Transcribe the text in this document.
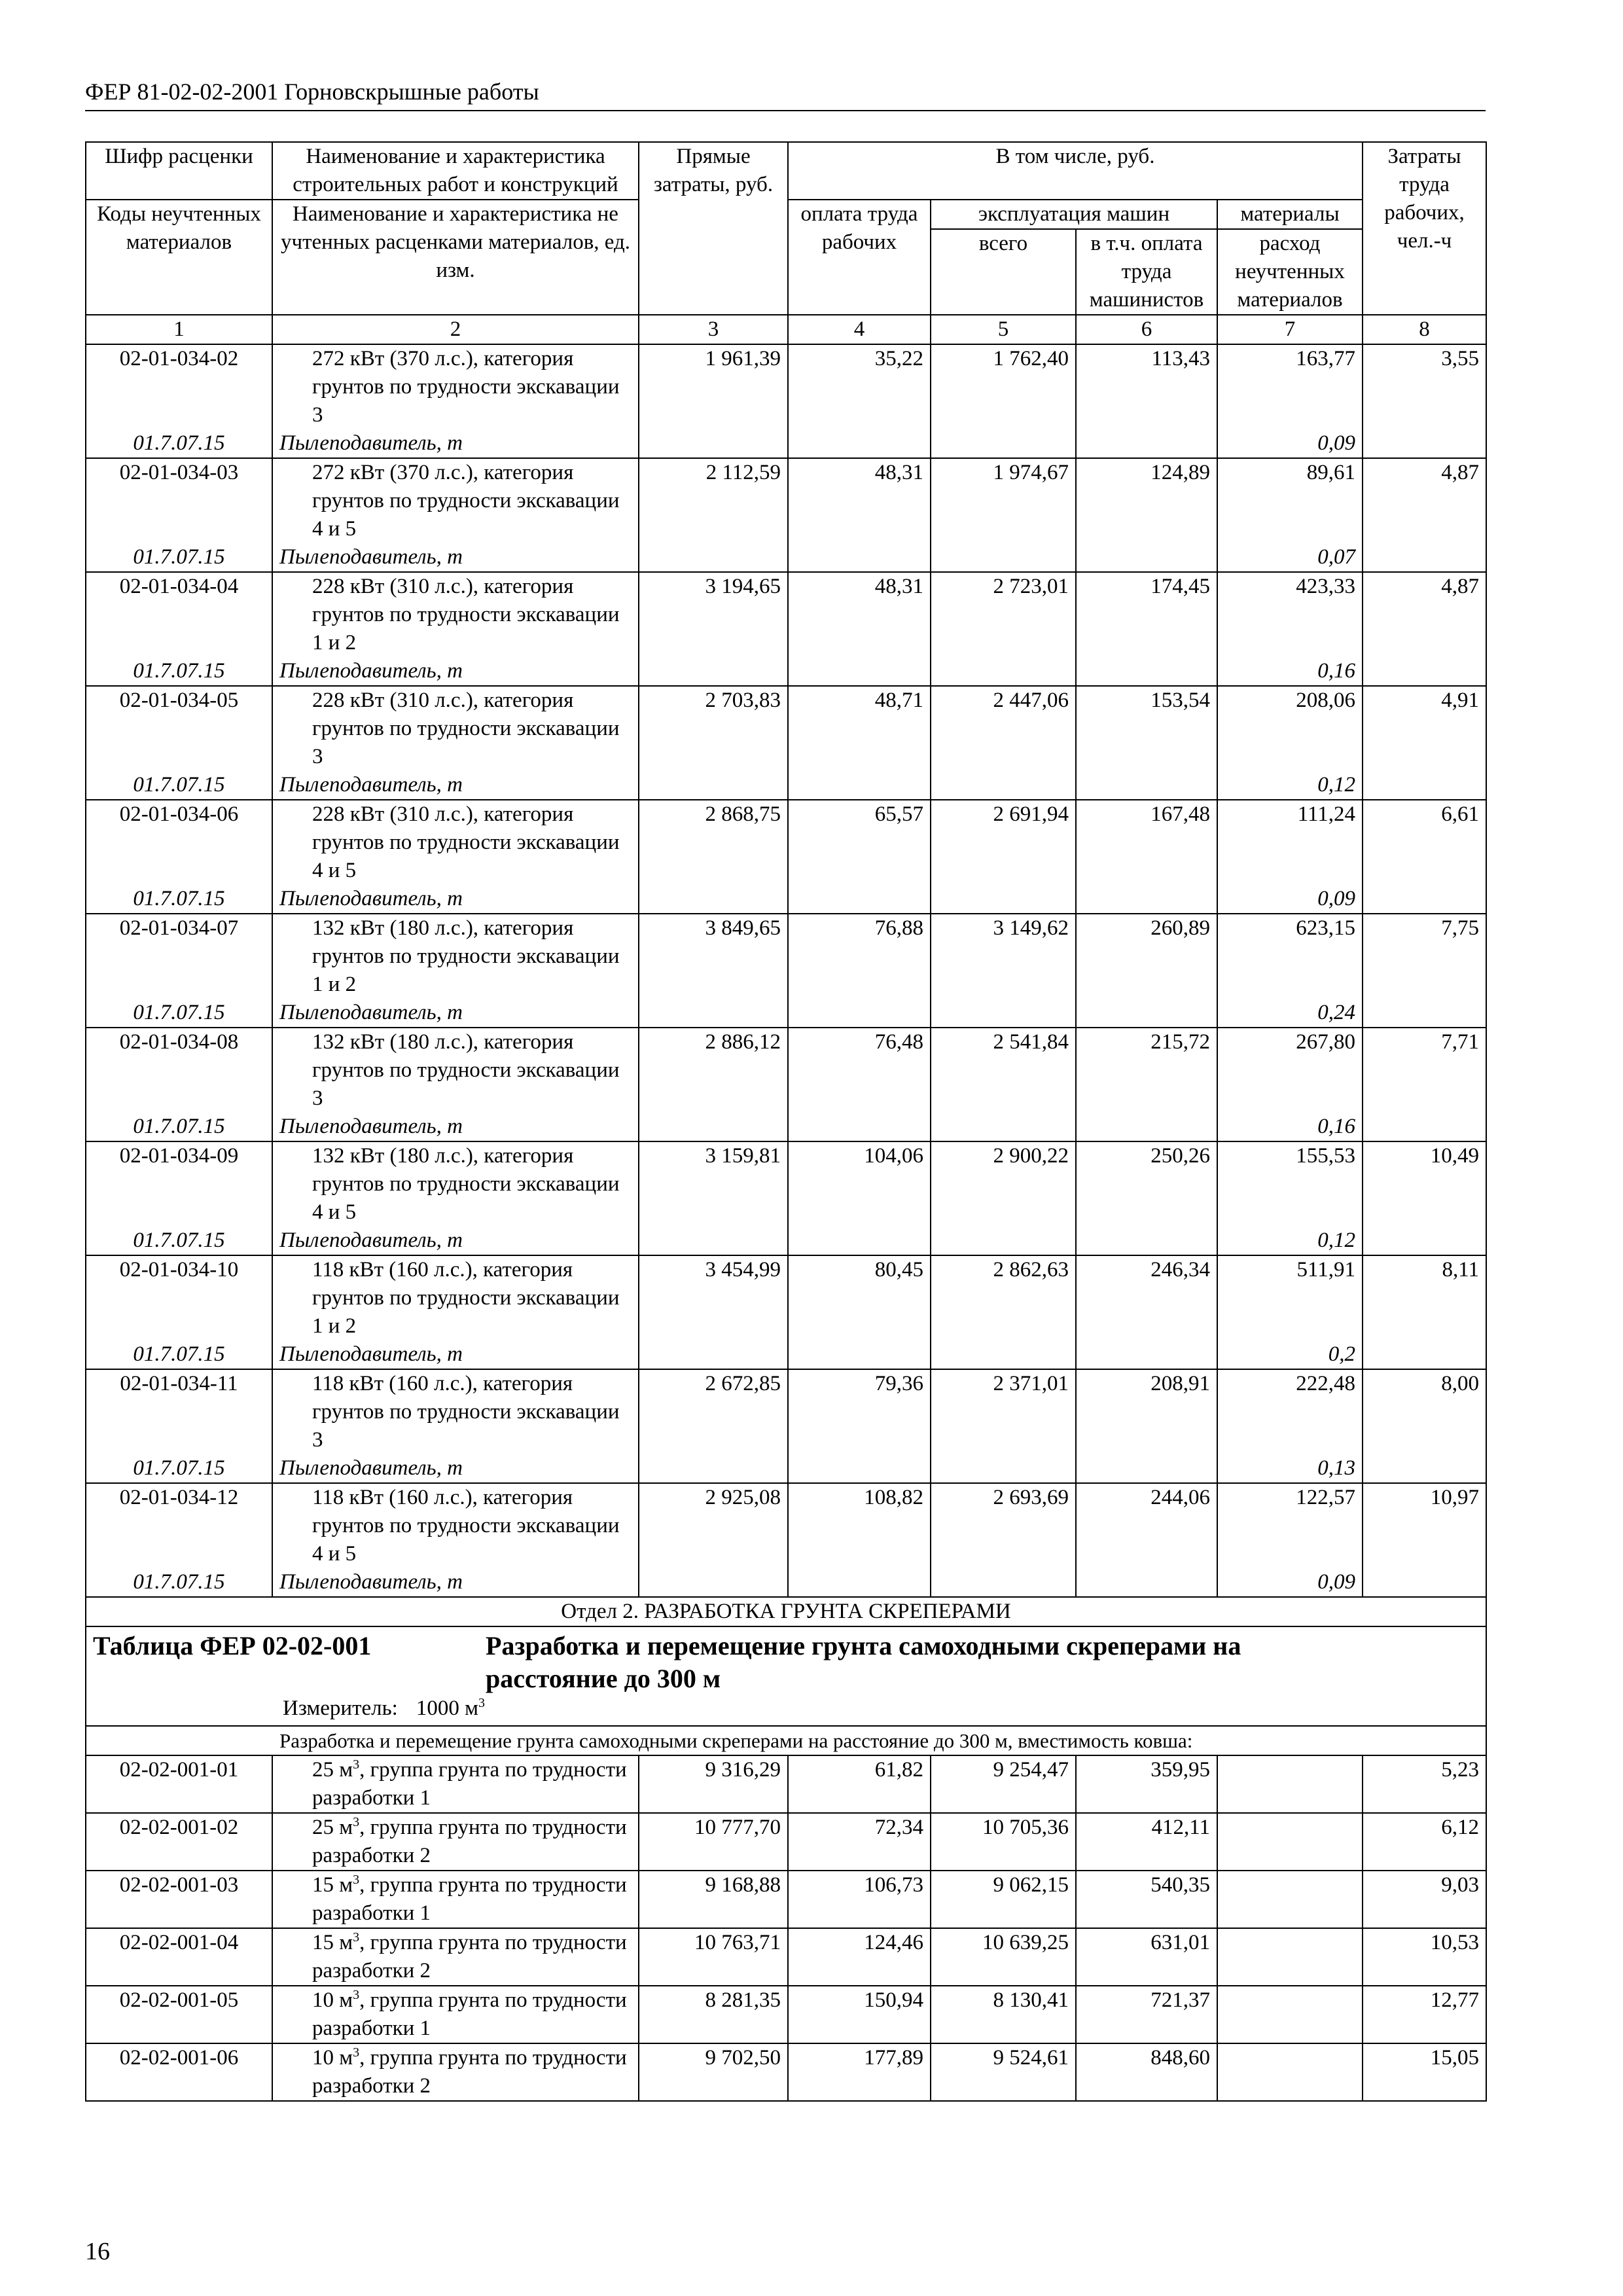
ФЕР 81-02-02-2001 Горновскрышные работы
Шифр расценки	Наименование и характеристика строительных работ и конструкций	Прямые затраты, руб.	В том числе, руб.				Затраты труда рабочих, чел.-ч
Коды неучтенных материалов	Наименование и характеристика не учтенных расценками материалов, ед. изм.		оплата труда рабочих	эксплуатация машин		материалы	
				всего	в т.ч. оплата труда машинистов	расход неучтенных материалов	
1	2	3	4	5	6	7	8
02-01-034-02	272 кВт (370 л.с.), категория грунтов по трудности экскавации 3	1 961,39	35,22	1 762,40	113,43	163,77	3,55
01.7.07.15	Пылеподавитель, т					0,09	
02-01-034-03	272 кВт (370 л.с.), категория грунтов по трудности экскавации 4 и 5	2 112,59	48,31	1 974,67	124,89	89,61	4,87
01.7.07.15	Пылеподавитель, т					0,07	
02-01-034-04	228 кВт (310 л.с.), категория грунтов по трудности экскавации 1 и 2	3 194,65	48,31	2 723,01	174,45	423,33	4,87
01.7.07.15	Пылеподавитель, т					0,16	
02-01-034-05	228 кВт (310 л.с.), категория грунтов по трудности экскавации 3	2 703,83	48,71	2 447,06	153,54	208,06	4,91
01.7.07.15	Пылеподавитель, т					0,12	
02-01-034-06	228 кВт (310 л.с.), категория грунтов по трудности экскавации 4 и 5	2 868,75	65,57	2 691,94	167,48	111,24	6,61
01.7.07.15	Пылеподавитель, т					0,09	
02-01-034-07	132 кВт (180 л.с.), категория грунтов по трудности экскавации 1 и 2	3 849,65	76,88	3 149,62	260,89	623,15	7,75
01.7.07.15	Пылеподавитель, т					0,24	
02-01-034-08	132 кВт (180 л.с.), категория грунтов по трудности экскавации 3	2 886,12	76,48	2 541,84	215,72	267,80	7,71
01.7.07.15	Пылеподавитель, т					0,16	
02-01-034-09	132 кВт (180 л.с.), категория грунтов по трудности экскавации 4 и 5	3 159,81	104,06	2 900,22	250,26	155,53	10,49
01.7.07.15	Пылеподавитель, т					0,12	
02-01-034-10	118 кВт (160 л.с.), категория грунтов по трудности экскавации 1 и 2	3 454,99	80,45	2 862,63	246,34	511,91	8,11
01.7.07.15	Пылеподавитель, т					0,2	
02-01-034-11	118 кВт (160 л.с.), категория грунтов по трудности экскавации 3	2 672,85	79,36	2 371,01	208,91	222,48	8,00
01.7.07.15	Пылеподавитель, т					0,13	
02-01-034-12	118 кВт (160 л.с.), категория грунтов по трудности экскавации 4 и 5	2 925,08	108,82	2 693,69	244,06	122,57	10,97
01.7.07.15	Пылеподавитель, т					0,09	
Отдел 2. РАЗРАБОТКА ГРУНТА СКРЕПЕРАМИ							

Таблица ФЕР 02-02-001 Разработка и перемещение грунта самоходными скреперами на расстояние до 300 м
Измеритель: 1000 $м^3$

Разработка и перемещение грунта самоходными скреперами на расстояние до 300 м, вместимость ковша:							
02-02-001-01	25 $м^3$, группа грунта по трудности разработки 1	9 316,29	61,82	9 254,47	359,95		5,23
02-02-001-02	25 $м^3$, группа грунта по трудности разработки 2	10 777,70	72,34	10 705,36	412,11		6,12
02-02-001-03	15 $м^3$, группа грунта по трудности разработки 1	9 168,88	106,73	9 062,15	540,35		9,03
02-02-001-04	15 $м^3$, группа грунта по трудности разработки 2	10 763,71	124,46	10 639,25	631,01		10,53
02-02-001-05	10 $м^3$, группа грунта по трудности разработки 1	8 281,35	150,94	8 130,41	721,37		12,77
02-02-001-06	10 $м^3$, группа грунта по трудности разработки 2	9 702,50	177,89	9 524,61	848,60		15,05
16
